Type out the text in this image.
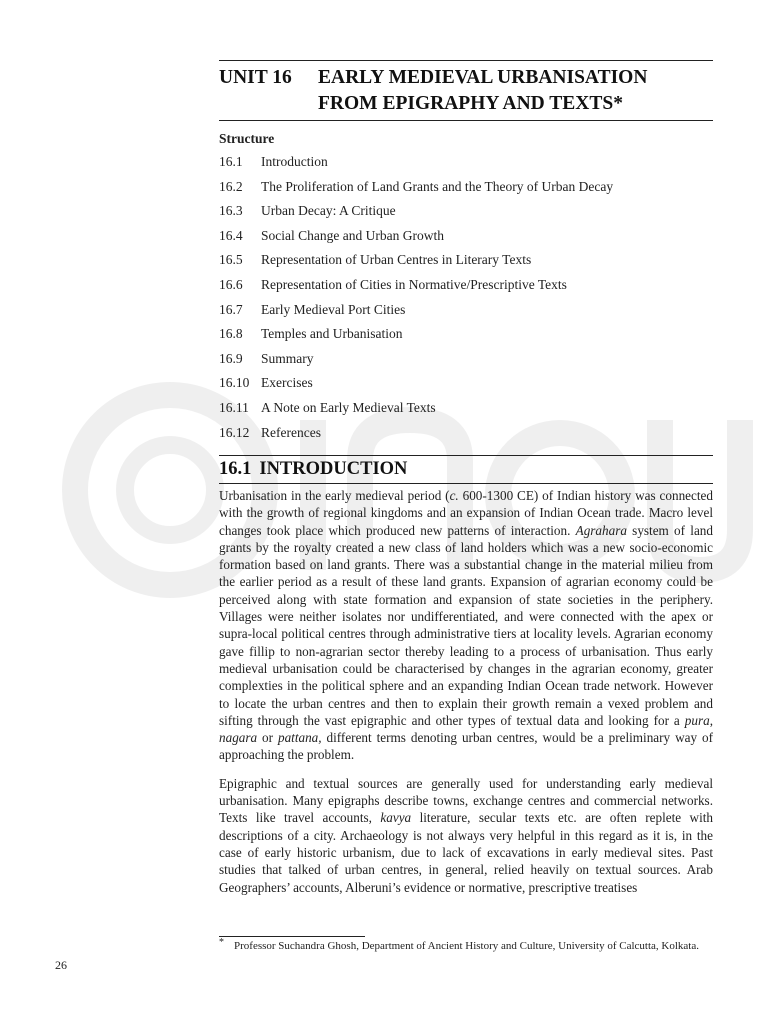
UNIT 16 EARLY MEDIEVAL URBANISATION
FROM EPIGRAPHY AND TEXTS*
Structure
16.1 Introduction
16.2 The Proliferation of Land Grants and the Theory of Urban Decay
16.3 Urban Decay: A Critique
16.4 Social Change and Urban Growth
16.5 Representation of Urban Centres in Literary Texts
16.6 Representation of Cities in Normative/Prescriptive Texts
16.7 Early Medieval Port Cities
16.8 Temples and Urbanisation
16.9 Summary
16.10 Exercises
16.11 A Note on Early Medieval Texts
16.12 References
16.1 INTRODUCTION

Urbanisation in the early medieval period (c. 600-1300 CE) of Indian history was connected with the growth of regional kingdoms and an expansion of Indian Ocean trade. Macro level changes took place which produced new patterns of interaction. Agrahara system of land grants by the royalty created a new class of land holders which was a new socio-economic formation based on land grants. There was a substantial change in the material milieu from the earlier period as a result of these land grants. Expansion of agrarian economy could be perceived along with state formation and expansion of state societies in the periphery. Villages were neither isolates nor undifferentiated, and were connected with the apex or supra-local political centres through administrative tiers at locality levels. Agrarian economy gave fillip to non-agrarian sector thereby leading to a process of urbanisation. Thus early medieval urbanisation could be characterised by changes in the agrarian economy, greater complexties in the political sphere and an expanding Indian Ocean trade network. However to locate the urban centres and then to explain their growth remain a vexed problem and sifting through the vast epigraphic and other types of textual data and looking for a pura, nagara or pattana, different terms denoting urban centres, would be a preliminary way of approaching the problem.

Epigraphic and textual sources are generally used for understanding early medieval urbanisation. Many epigraphs describe towns, exchange centres and commercial networks. Texts like travel accounts, kavya literature, secular texts etc. are often replete with descriptions of a city. Archaeology is not always very helpful in this regard as it is, in the case of early historic urbanism, due to lack of excavations in early medieval sites. Past studies that talked of urban centres, in general, relied heavily on textual sources. Arab Geographers’ accounts, Alberuni’s evidence or normative, prescriptive treatises

* Professor Suchandra Ghosh, Department of Ancient History and Culture, University of Calcutta, Kolkata.
26
